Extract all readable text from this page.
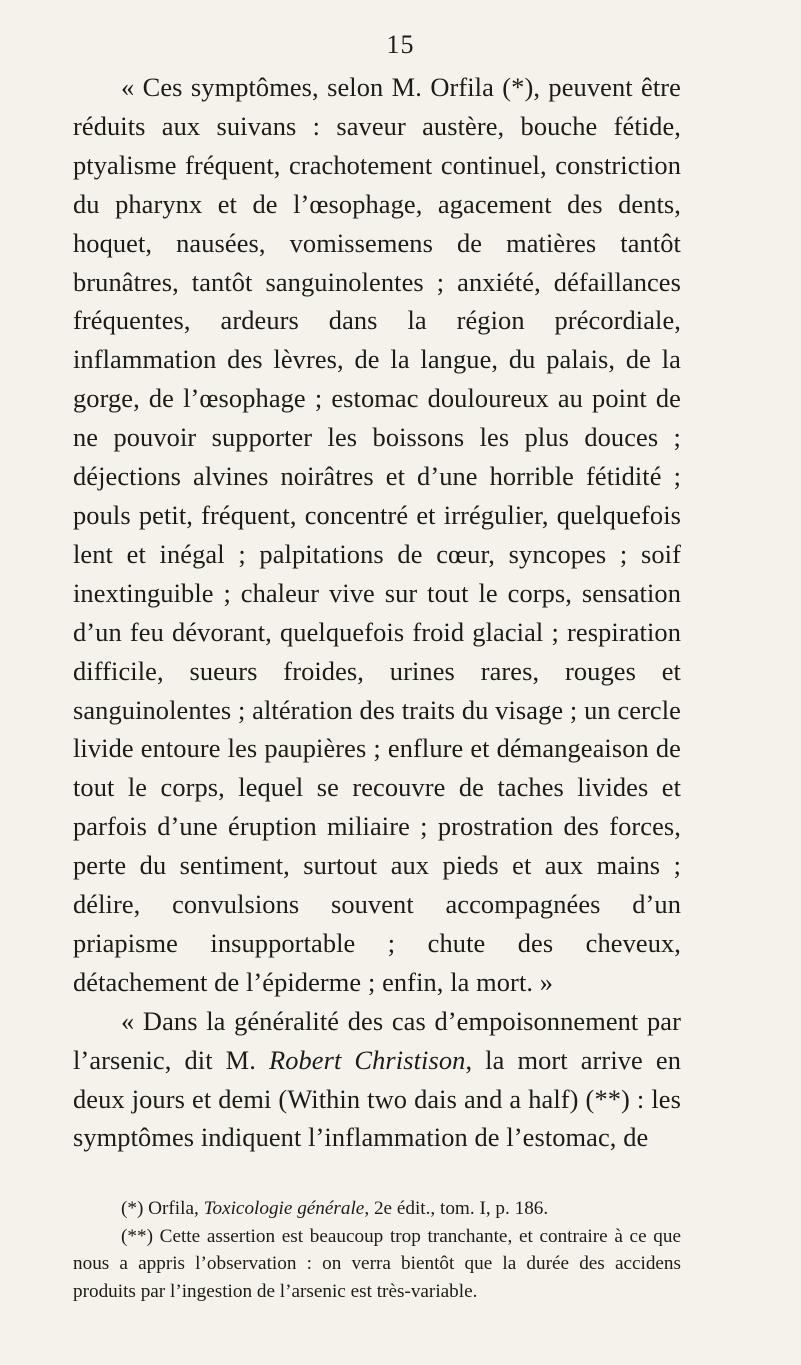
15

« Ces symptômes, selon M. Orfila (*), peuvent être réduits aux suivans : saveur austère, bouche fétide, ptyalisme fréquent, crachotement continuel, constriction du pharynx et de l’œsophage, agacement des dents, hoquet, nausées, vomissemens de matières tantôt brunâtres, tantôt sanguinolentes ; anxiété, défaillances fréquentes, ardeurs dans la région précordiale, inflammation des lèvres, de la langue, du palais, de la gorge, de l’œsophage ; estomac douloureux au point de ne pouvoir supporter les boissons les plus douces ; déjections alvines noirâtres et d’une horrible fétidité ; pouls petit, fréquent, concentré et irrégulier, quelquefois lent et inégal ; palpitations de cœur, syncopes ; soif inextinguible ; chaleur vive sur tout le corps, sensation d’un feu dévorant, quelquefois froid glacial ; respiration difficile, sueurs froides, urines rares, rouges et sanguinolentes ; altération des traits du visage ; un cercle livide entoure les paupières ; enflure et démangeaison de tout le corps, lequel se recouvre de taches livides et parfois d’une éruption miliaire ; prostration des forces, perte du sentiment, surtout aux pieds et aux mains ; délire, convulsions souvent accompagnées d’un priapisme insupportable ; chute des cheveux, détachement de l’épiderme ; enfin, la mort. »

« Dans la généralité des cas d’empoisonnement par l’arsenic, dit M. Robert Christison, la mort arrive en deux jours et demi (Within two dais and a half) (**) : les symptômes indiquent l’inflammation de l’estomac, de

(*) Orfila, Toxicologie générale, 2e édit., tom. I, p. 186.

(**) Cette assertion est beaucoup trop tranchante, et contraire à ce que nous a appris l’observation : on verra bientôt que la durée des accidens produits par l’ingestion de l’arsenic est très-variable.
